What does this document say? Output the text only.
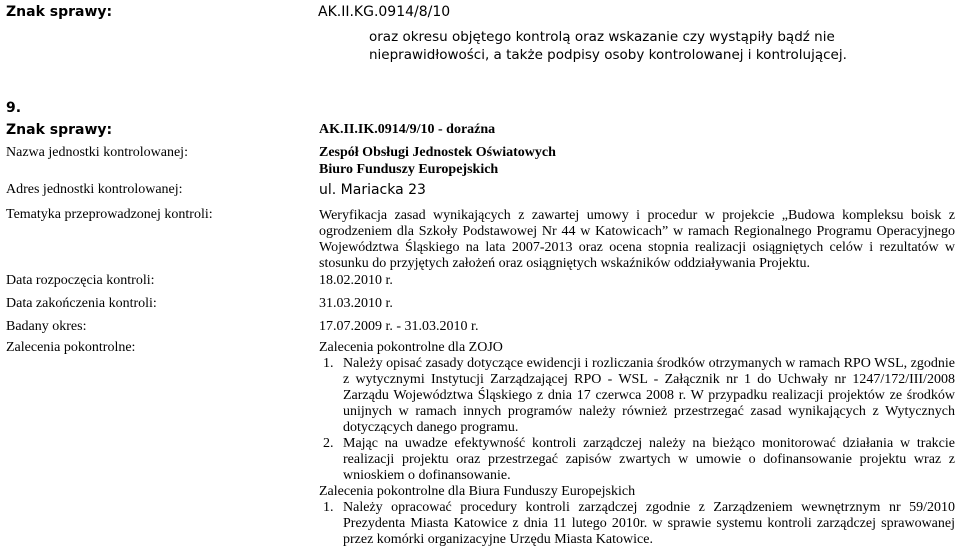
Znak sprawy:	AK.II.KG.0914/8/10
oraz okresu objętego kontrolą oraz wskazanie czy wystąpiły bądź nie nieprawidłowości, a także podpisy osoby kontrolowanej i kontrolującej.
9.
Znak sprawy:	AK.II.IK.0914/9/10 - doraźna
Nazwa jednostki kontrolowanej:	Zespół Obsługi Jednostek Oświatowych
Biuro Funduszy Europejskich
Adres jednostki kontrolowanej:	ul. Mariacka 23
Tematyka przeprowadzonej kontroli:	Weryfikacja zasad wynikających z zawartej umowy i procedur w projekcie „Budowa kompleksu boisk z ogrodzeniem dla Szkoły Podstawowej Nr 44 w Katowicach” w ramach Regionalnego Programu Operacyjnego Województwa Śląskiego na lata 2007-2013 oraz ocena stopnia realizacji osiągniętych celów i rezultatów w stosunku do przyjętych założeń oraz osiągniętych wskaźników oddziaływania Projektu.
Data rozpoczęcia kontroli:	18.02.2010 r.
Data zakończenia kontroli:	31.03.2010 r.
Badany okres:	17.07.2009 r. - 31.03.2010 r.
Zalecenia pokontrolne:	Zalecenia pokontrolne dla ZOJO

1. Należy opisać zasady dotyczące ewidencji i rozliczania środków otrzymanych w ramach RPO WSL, zgodnie z wytycznymi Instytucji Zarządzającej RPO - WSL - Załącznik nr 1 do Uchwały nr 1247/172/III/2008 Zarządu Województwa Śląskiego z dnia 17 czerwca 2008 r. W przypadku realizacji projektów ze środków unijnych w ramach innych programów należy również przestrzegać zasad wynikających z Wytycznych dotyczących danego programu.
2. Mając na uwadze efektywność kontroli zarządczej należy na bieżąco monitorować działania w trakcie realizacji projektu oraz przestrzegać zapisów zwartych w umowie o dofinansowanie projektu wraz z wnioskiem o dofinansowanie.

Zalecenia pokontrolne dla Biura Funduszy Europejskich

1. Należy opracować procedury kontroli zarządczej zgodnie z Zarządzeniem wewnętrznym nr 59/2010 Prezydenta Miasta Katowice z dnia 11 lutego 2010r. w sprawie systemu kontroli zarządczej sprawowanej przez komórki organizacyjne Urzędu Miasta Katowice.
